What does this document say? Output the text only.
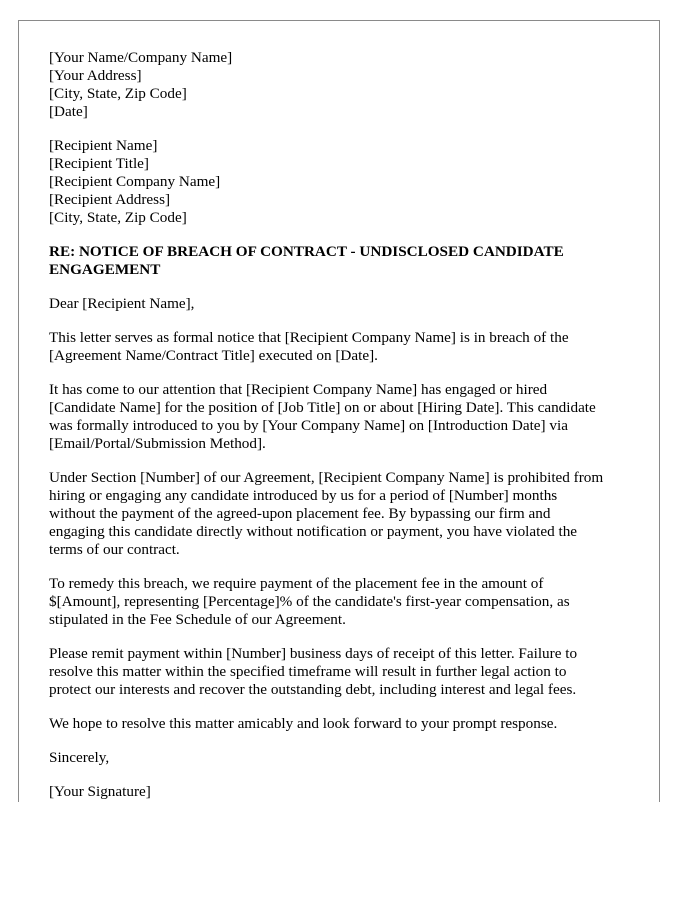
[Your Name/Company Name]
[Your Address]
[City, State, Zip Code]
[Date]
[Recipient Name]
[Recipient Title]
[Recipient Company Name]
[Recipient Address]
[City, State, Zip Code]
RE: NOTICE OF BREACH OF CONTRACT - UNDISCLOSED CANDIDATE
ENGAGEMENT

Dear [Recipient Name],

This letter serves as formal notice that [Recipient Company Name] is in breach of the
[Agreement Name/Contract Title] executed on [Date].

It has come to our attention that [Recipient Company Name] has engaged or hired
[Candidate Name] for the position of [Job Title] on or about [Hiring Date]. This candidate
was formally introduced to you by [Your Company Name] on [Introduction Date] via
[Email/Portal/Submission Method].

Under Section [Number] of our Agreement, [Recipient Company Name] is prohibited from
hiring or engaging any candidate introduced by us for a period of [Number] months
without the payment of the agreed-upon placement fee. By bypassing our firm and
engaging this candidate directly without notification or payment, you have violated the
terms of our contract.

To remedy this breach, we require payment of the placement fee in the amount of
$[Amount], representing [Percentage]% of the candidate's first-year compensation, as
stipulated in the Fee Schedule of our Agreement.

Please remit payment within [Number] business days of receipt of this letter. Failure to
resolve this matter within the specified timeframe will result in further legal action to
protect our interests and recover the outstanding debt, including interest and legal fees.

We hope to resolve this matter amicably and look forward to your prompt response.

Sincerely,

[Your Signature]
